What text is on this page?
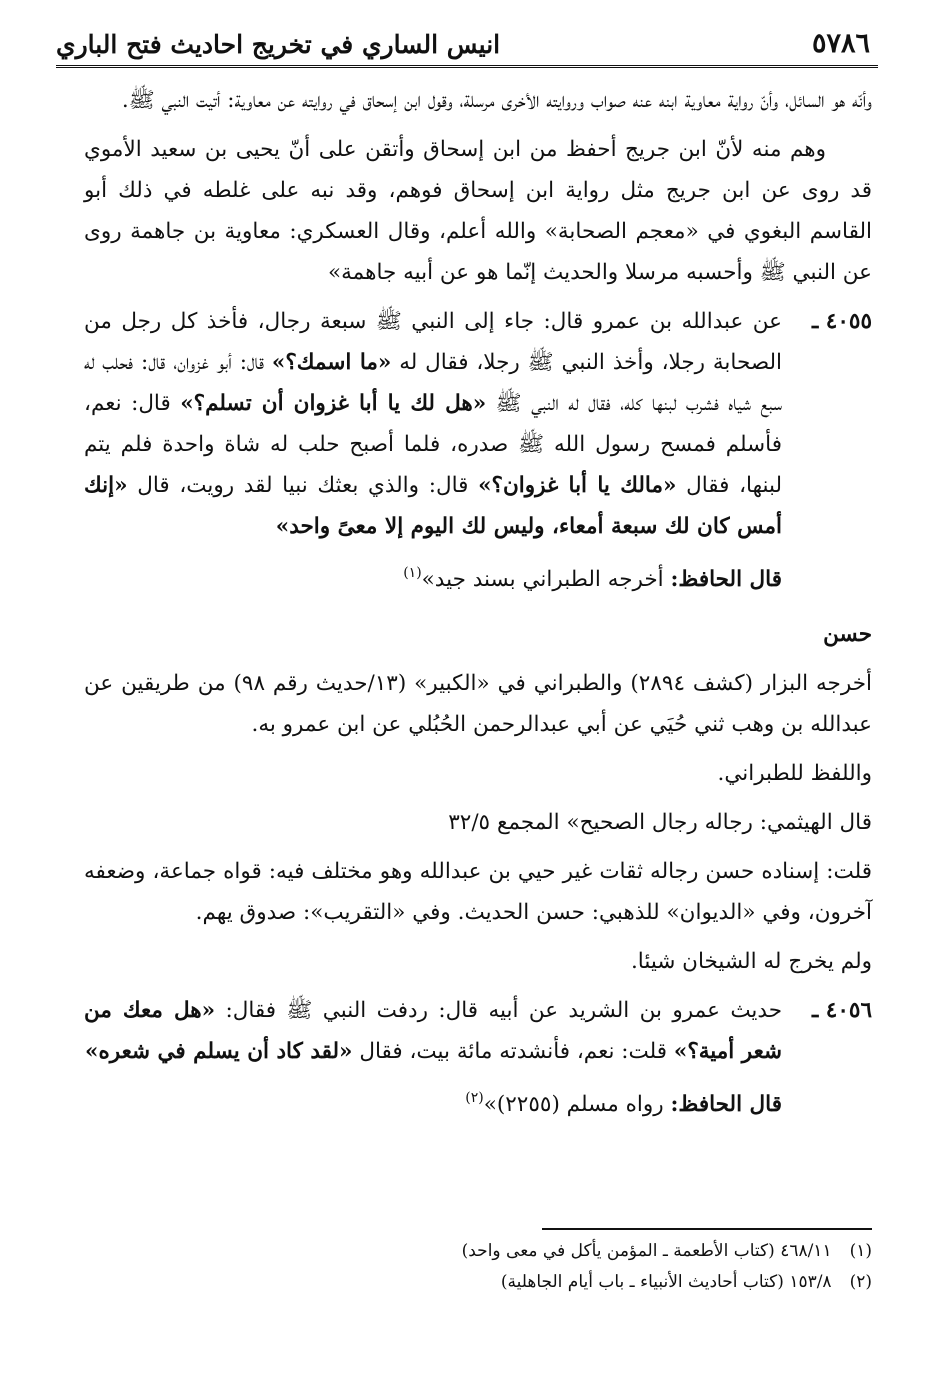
٥٧٨٦
انيس الساري في تخريج احاديث فتح الباري

وأنّه هو السائل، وأنّ رواية معاوية ابنه عنه صواب وروايته الأخرى مرسلة، وقول ابن إسحاق في روايته عن معاوية: أتيت النبي ﷺ.

وهم منه لأنّ ابن جريج أحفظ من ابن إسحاق وأتقن على أنّ يحيى بن سعيد الأموي قد روى عن ابن جريج مثل رواية ابن إسحاق فوهم، وقد نبه على غلطه في ذلك أبو القاسم البغوي في «معجم الصحابة» والله أعلم، وقال العسكري: معاوية بن جاهمة روى عن النبي ﷺ وأحسبه مرسلا والحديث إنّما هو عن أبيه جاهمة»

٤٠٥٥ ـ

عن عبدالله بن عمرو قال: جاء إلى النبي ﷺ سبعة رجال، فأخذ كل رجل من الصحابة رجلا، وأخذ النبي ﷺ رجلا، فقال له «ما اسمك؟» قال: أبو غزوان، قال: فحلب له سبع شياه فشرب لبنها كله، فقال له النبي ﷺ «هل لك يا أبا غزوان أن تسلم؟» قال: نعم، فأسلم فمسح رسول الله ﷺ صدره، فلما أصبح حلب له شاة واحدة فلم يتم لبنها، فقال «مالك يا أبا غزوان؟» قال: والذي بعثك نبيا لقد رويت، قال «إنك أمس كان لك سبعة أمعاء، وليس لك اليوم إلا معىً واحد»

قال الحافظ: أخرجه الطبراني بسند جيد»$^{(١)}$

حسن

أخرجه البزار (كشف ٢٨٩٤) والطبراني في «الكبير» (١٣/حديث رقم ٩٨) من طريقين عن عبدالله بن وهب ثني حُيَي عن أبي عبدالرحمن الحُبُلي عن ابن عمرو به.

واللفظ للطبراني.

قال الهيثمي: رجاله رجال الصحيح» المجمع ٣٢/٥

قلت: إسناده حسن رجاله ثقات غير حيي بن عبدالله وهو مختلف فيه: قواه جماعة، وضعفه آخرون، وفي «الديوان» للذهبي: حسن الحديث. وفي «التقريب»: صدوق يهم.

ولم يخرج له الشيخان شيئا.

٤٠٥٦ ـ

حديث عمرو بن الشريد عن أبيه قال: ردفت النبي ﷺ فقال: «هل معك من شعر أمية؟» قلت: نعم، فأنشدته مائة بيت، فقال «لقد كاد أن يسلم في شعره»

قال الحافظ: رواه مسلم (٢٢٥٥)»$^{(٢)}$

(١)
٤٦٨/١١ (كتاب الأطعمة ـ المؤمن يأكل في معى واحد)
(٢)
١٥٣/٨ (كتاب أحاديث الأنبياء ـ باب أيام الجاهلية)
